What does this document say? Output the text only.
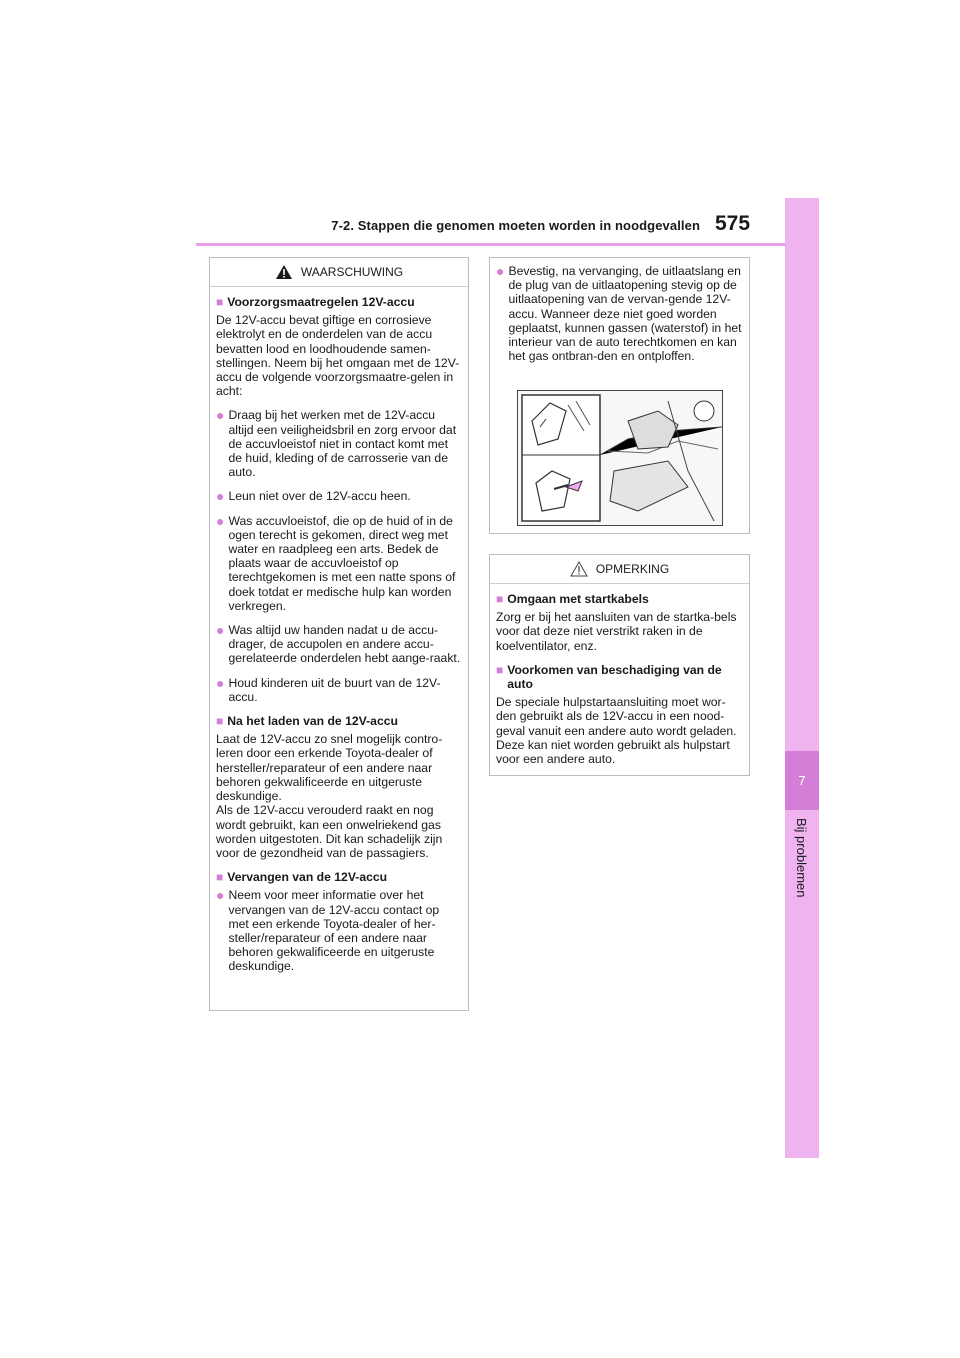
7-2. Stappen die genomen moeten worden in noodgevallen 575
7
Bij problemen
WAARSCHUWING
■ Voorzorgsmaatregelen 12V-accu

De 12V-accu bevat giftige en corrosieve elektrolyt en de onderdelen van de accu bevatten lood en loodhoudende samen-stellingen. Neem bij het omgaan met de 12V-accu de volgende voorzorgsmaatre-gelen in acht:

● Draag bij het werken met de 12V-accu altijd een veiligheidsbril en zorg ervoor dat de accuvloeistof niet in contact komt met de huid, kleding of de carrosserie van de auto.
● Leun niet over de 12V-accu heen.
● Was accuvloeistof, die op de huid of in de ogen terecht is gekomen, direct weg met water en raadpleeg een arts. Bedek de plaats waar de accuvloeistof op terechtgekomen is met een natte spons of doek totdat er medische hulp kan worden verkregen.
● Was altijd uw handen nadat u de accu-drager, de accupolen en andere accu-gerelateerde onderdelen hebt aange-raakt.
● Houd kinderen uit de buurt van de 12V-accu.
■ Na het laden van de 12V-accu

Laat de 12V-accu zo snel mogelijk contro-leren door een erkende Toyota-dealer of hersteller/reparateur of een andere naar behoren gekwalificeerde en uitgeruste deskundige.

Als de 12V-accu verouderd raakt en nog wordt gebruikt, kan een onwelriekend gas worden uitgestoten. Dit kan schadelijk zijn voor de gezondheid van de passagiers.

■ Vervangen van de 12V-accu
● Neem voor meer informatie over het vervangen van de 12V-accu contact op met een erkende Toyota-dealer of her-steller/reparateur of een andere naar behoren gekwalificeerde en uitgeruste deskundige.
● Bevestig, na vervanging, de uitlaatslang en de plug van de uitlaatopening stevig op de uitlaatopening van de vervan-gende 12V-accu. Wanneer deze niet goed worden geplaatst, kunnen gassen (waterstof) in het interieur van de auto terechtkomen en kan het gas ontbran-den en ontploffen.
OPMERKING
■ Omgaan met startkabels

Zorg er bij het aansluiten van de startka-bels voor dat deze niet verstrikt raken in de koelventilator, enz.

■ Voorkomen van beschadiging van de auto

De speciale hulpstartaansluiting moet wor-den gebruikt als de 12V-accu in een nood-geval vanuit een andere auto wordt geladen. Deze kan niet worden gebruikt als hulpstart voor een andere auto.
